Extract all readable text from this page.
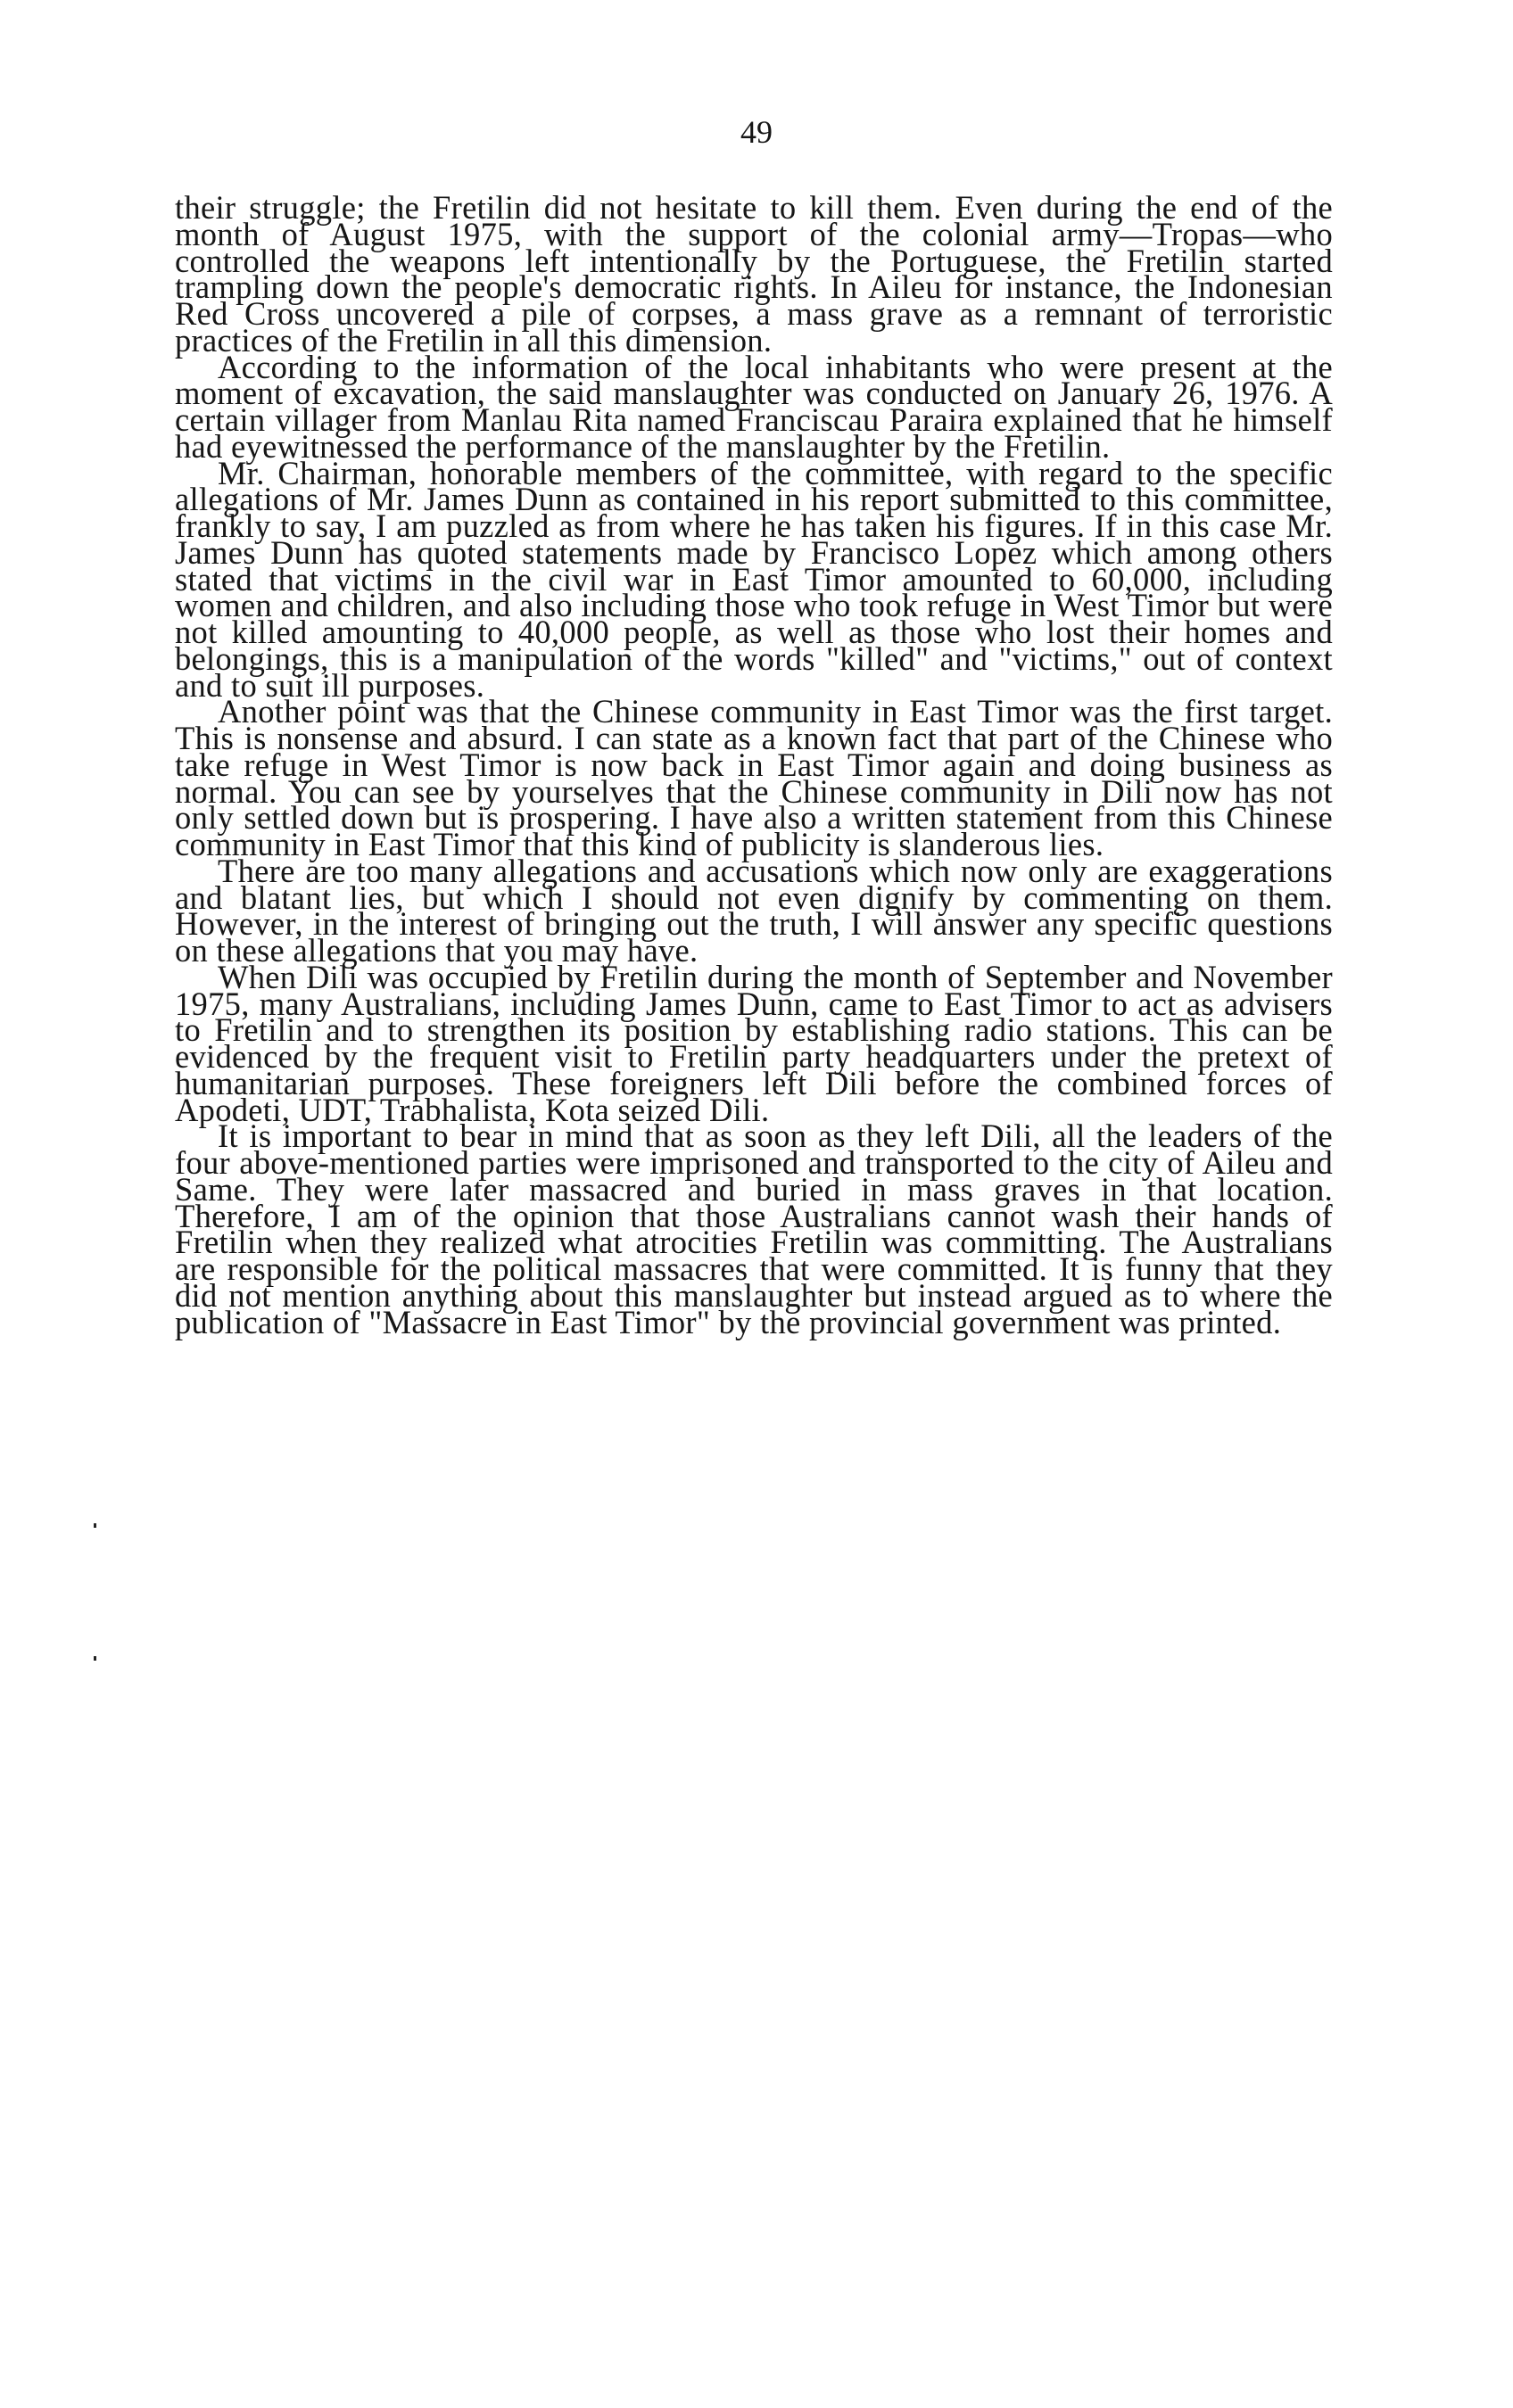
49

their struggle; the Fretilin did not hesitate to kill them. Even during the end of the month of August 1975, with the support of the colonial army—Tropas—who controlled the weapons left intentionally by the Portuguese, the Fretilin started trampling down the people's democratic rights. In Aileu for instance, the Indonesian Red Cross uncovered a pile of corpses, a mass grave as a remnant of terroristic practices of the Fretilin in all this dimension.

According to the information of the local inhabitants who were present at the moment of excavation, the said manslaughter was conducted on January 26, 1976. A certain villager from Manlau Rita named Franciscau Paraira explained that he himself had eyewitnessed the performance of the manslaughter by the Fretilin.

Mr. Chairman, honorable members of the committee, with regard to the specific allegations of Mr. James Dunn as contained in his report submitted to this committee, frankly to say, I am puzzled as from where he has taken his figures. If in this case Mr. James Dunn has quoted statements made by Francisco Lopez which among others stated that victims in the civil war in East Timor amounted to 60,000, including women and children, and also including those who took refuge in West Timor but were not killed amounting to 40,000 people, as well as those who lost their homes and belongings, this is a manipulation of the words "killed" and "victims," out of context and to suit ill purposes.

Another point was that the Chinese community in East Timor was the first target. This is nonsense and absurd. I can state as a known fact that part of the Chinese who take refuge in West Timor is now back in East Timor again and doing business as normal. You can see by yourselves that the Chinese community in Dili now has not only settled down but is prospering. I have also a written statement from this Chinese community in East Timor that this kind of publicity is slanderous lies.

There are too many allegations and accusations which now only are exaggerations and blatant lies, but which I should not even dignify by commenting on them. However, in the interest of bringing out the truth, I will answer any specific questions on these allegations that you may have.

When Dili was occupied by Fretilin during the month of September and November 1975, many Australians, including James Dunn, came to East Timor to act as advisers to Fretilin and to strengthen its position by establishing radio stations. This can be evidenced by the frequent visit to Fretilin party headquarters under the pretext of humanitarian purposes. These foreigners left Dili before the combined forces of Apodeti, UDT, Trabhalista, Kota seized Dili.

It is important to bear in mind that as soon as they left Dili, all the leaders of the four above-mentioned parties were imprisoned and transported to the city of Aileu and Same. They were later massacred and buried in mass graves in that location. Therefore, I am of the opinion that those Australians cannot wash their hands of Fretilin when they realized what atrocities Fretilin was committing. The Australians are responsible for the political massacres that were committed. It is funny that they did not mention anything about this manslaughter but instead argued as to where the publication of "Massacre in East Timor" by the provincial government was printed.
